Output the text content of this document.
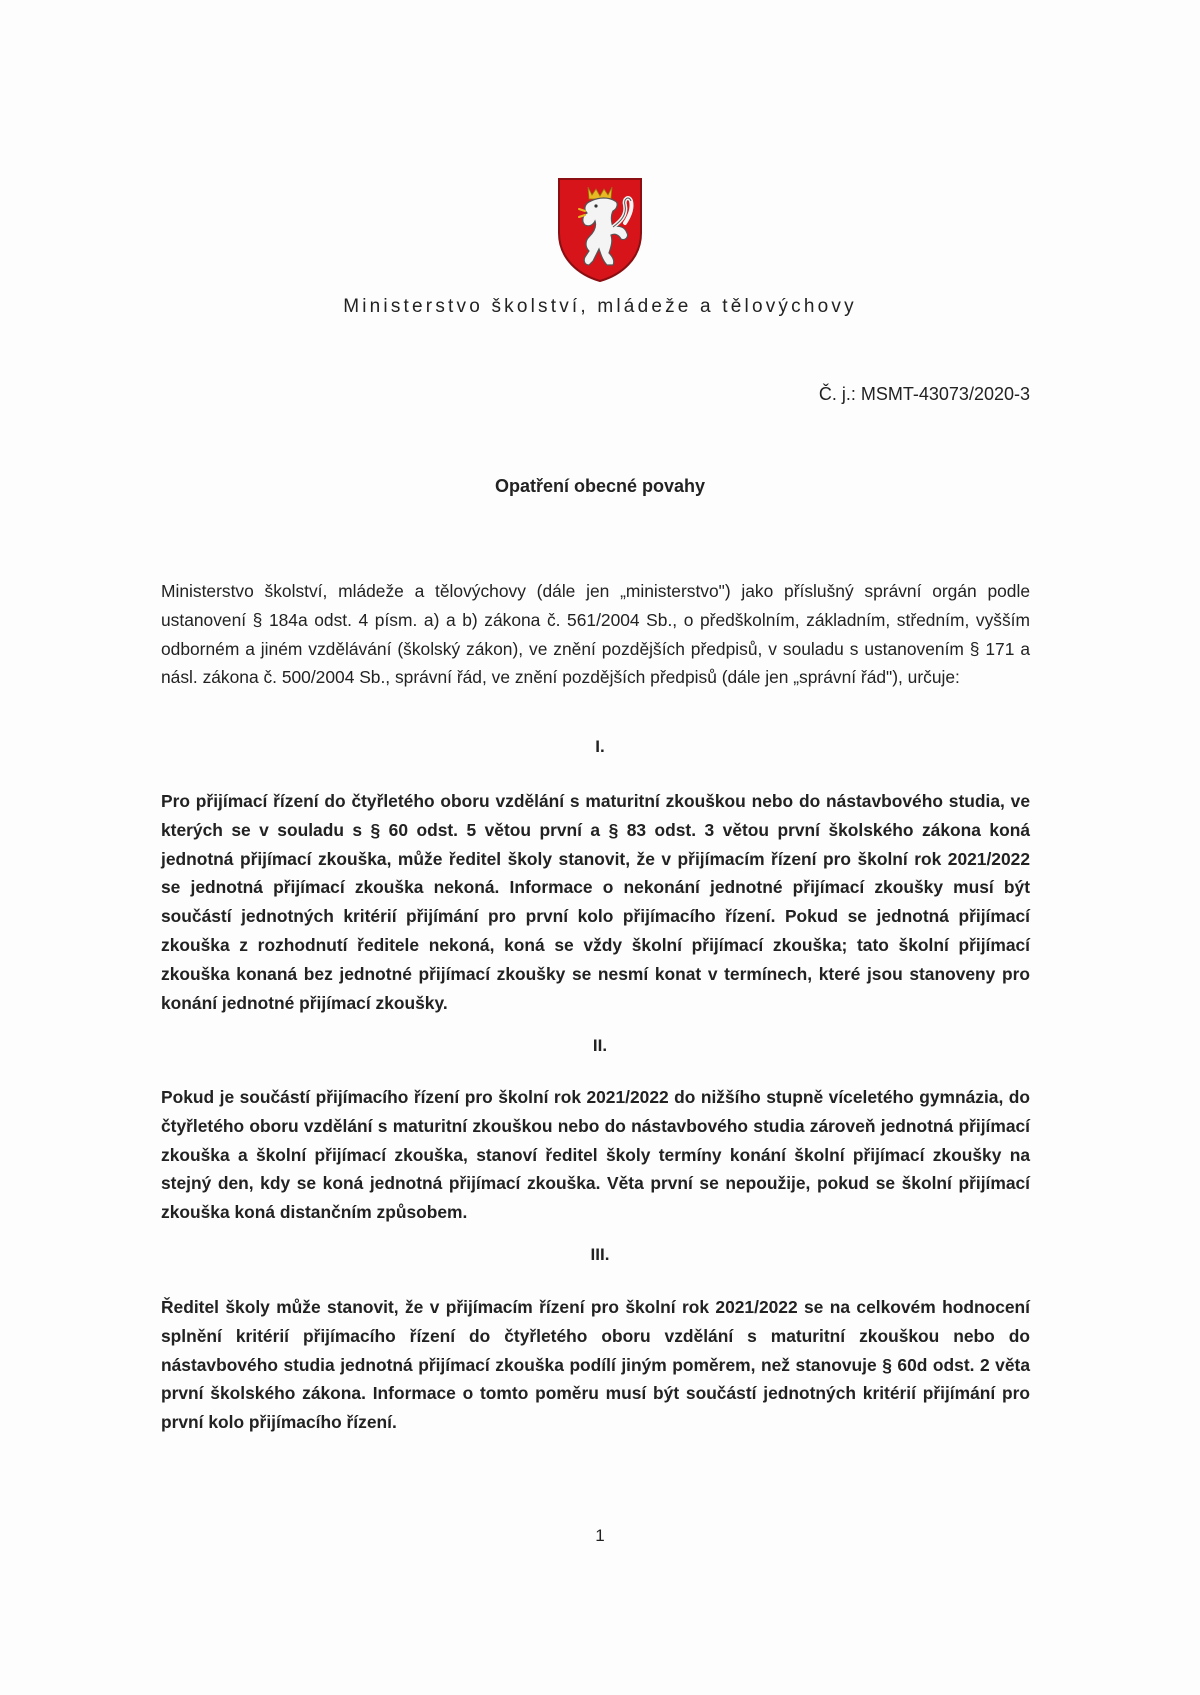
Ministerstvo školství, mládeže a tělovýchovy
Č. j.: MSMT-43073/2020-3
Opatření obecné povahy
Ministerstvo školství, mládeže a tělovýchovy (dále jen „ministerstvo") jako příslušný správní orgán podle ustanovení § 184a odst. 4 písm. a) a b) zákona č. 561/2004 Sb., o předškolním, základním, středním, vyšším odborném a jiném vzdělávání (školský zákon), ve znění pozdějších předpisů, v souladu s ustanovením § 171 a násl. zákona č. 500/2004 Sb., správní řád, ve znění pozdějších předpisů (dále jen „správní řád"), určuje:
I.
Pro přijímací řízení do čtyřletého oboru vzdělání s maturitní zkouškou nebo do nástavbového studia, ve kterých se v souladu s § 60 odst. 5 větou první a § 83 odst. 3 větou první školského zákona koná jednotná přijímací zkouška, může ředitel školy stanovit, že v přijímacím řízení pro školní rok 2021/2022 se jednotná přijímací zkouška nekoná. Informace o nekonání jednotné přijímací zkoušky musí být součástí jednotných kritérií přijímání pro první kolo přijímacího řízení. Pokud se jednotná přijímací zkouška z rozhodnutí ředitele nekoná, koná se vždy školní přijímací zkouška; tato školní přijímací zkouška konaná bez jednotné přijímací zkoušky se nesmí konat v termínech, které jsou stanoveny pro konání jednotné přijímací zkoušky.
II.
Pokud je součástí přijímacího řízení pro školní rok 2021/2022 do nižšího stupně víceletého gymnázia, do čtyřletého oboru vzdělání s maturitní zkouškou nebo do nástavbového studia zároveň jednotná přijímací zkouška a školní přijímací zkouška, stanoví ředitel školy termíny konání školní přijímací zkoušky na stejný den, kdy se koná jednotná přijímací zkouška. Věta první se nepoužije, pokud se školní přijímací zkouška koná distančním způsobem.
III.
Ředitel školy může stanovit, že v přijímacím řízení pro školní rok 2021/2022 se na celkovém hodnocení splnění kritérií přijímacího řízení do čtyřletého oboru vzdělání s maturitní zkouškou nebo do nástavbového studia jednotná přijímací zkouška podílí jiným poměrem, než stanovuje § 60d odst. 2 věta první školského zákona. Informace o tomto poměru musí být součástí jednotných kritérií přijímání pro první kolo přijímacího řízení.
1
